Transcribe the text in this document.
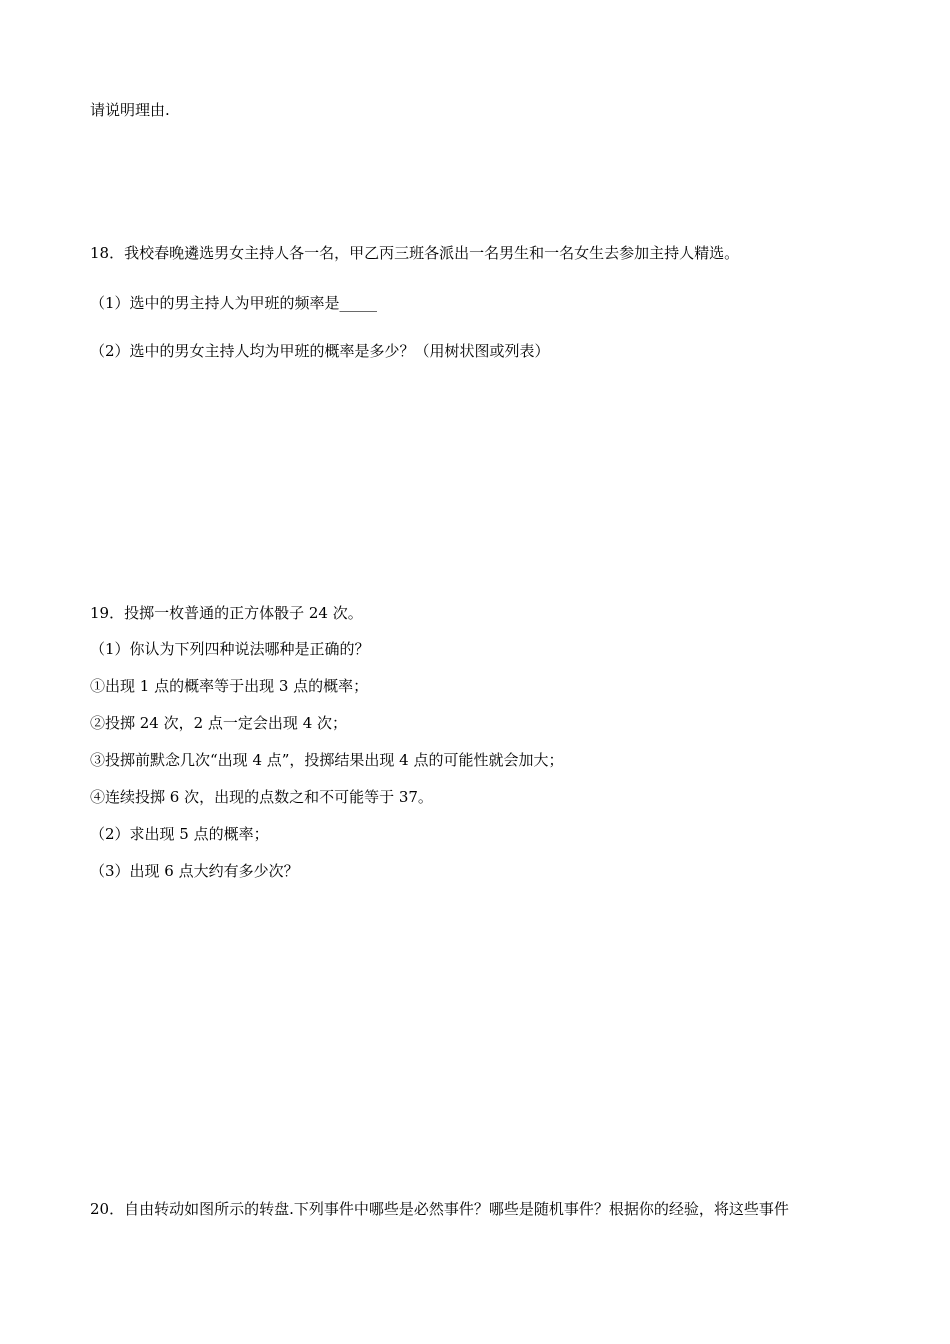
请说明理由.
18．我校春晚遴选男女主持人各一名，甲乙丙三班各派出一名男生和一名女生去参加主持人精选。
（1）选中的男主持人为甲班的频率是_____
（2）选中的男女主持人均为甲班的概率是多少？（用树状图或列表）
19．投掷一枚普通的正方体骰子 24 次。
（1）你认为下列四种说法哪种是正确的？
①出现 1 点的概率等于出现 3 点的概率；
②投掷 24 次，2 点一定会出现 4 次；
③投掷前默念几次“出现 4 点”，投掷结果出现 4 点的可能性就会加大；
④连续投掷 6 次，出现的点数之和不可能等于 37。
（2）求出现 5 点的概率；
（3）出现 6 点大约有多少次？
20．自由转动如图所示的转盘.下列事件中哪些是必然事件？哪些是随机事件？根据你的经验，将这些事件
